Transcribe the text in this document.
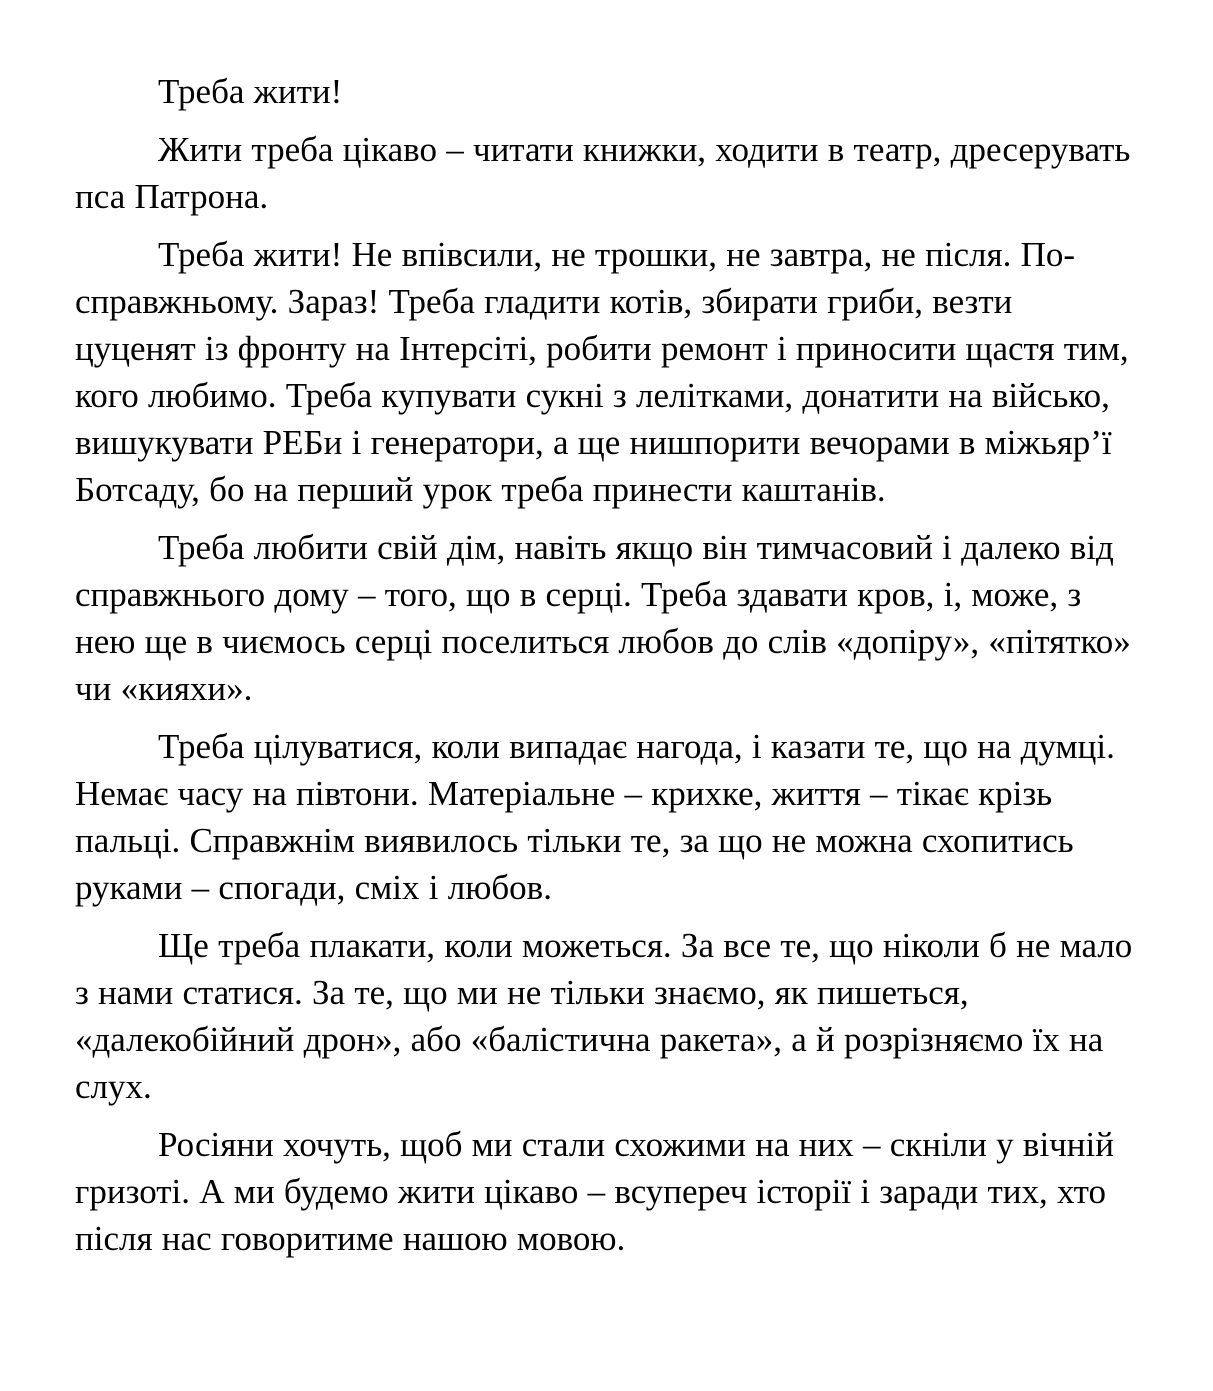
Треба жити!

Жити треба цікаво – читати книжки, ходити в театр, дресерувать пса Патрона.

Треба жити! Не впівсили, не трошки, не завтра, не після. По-справжньому. Зараз! Треба гладити котів, збирати гриби, везти цуценят із фронту на Інтерсіті, робити ремонт і приносити щастя тим, кого любимо. Треба купувати сукні з лелітками, донатити на військо, вишукувати РЕБи і генератори, а ще нишпорити вечорами в міжьяр’ї Ботсаду, бо на перший урок треба принести каштанів.

Треба любити свій дім, навіть якщо він тимчасовий і далеко від справжнього дому – того, що в серці. Треба здавати кров, і, може, з нею ще в чиємось серці поселиться любов до слів «допіру», «пітятко» чи «кияхи».

Треба цілуватися, коли випадає нагода, і казати те, що на думці. Немає часу на півтони. Матеріальне – крихке, життя – тікає крізь пальці. Справжнім виявилось тільки те, за що не можна схопитись руками – спогади, сміх і любов.

Ще треба плакати, коли можеться. За все те, що ніколи б не мало з нами статися. За те, що ми не тільки знаємо, як пишеться, «далекобійний дрон», або «балістична ракета», а й розрізняємо їх на слух.

Росіяни хочуть, щоб ми стали схожими на них – скніли у вічній гризоті. А ми будемо жити цікаво – всупереч історії і заради тих, хто після нас говоритиме нашою мовою.
